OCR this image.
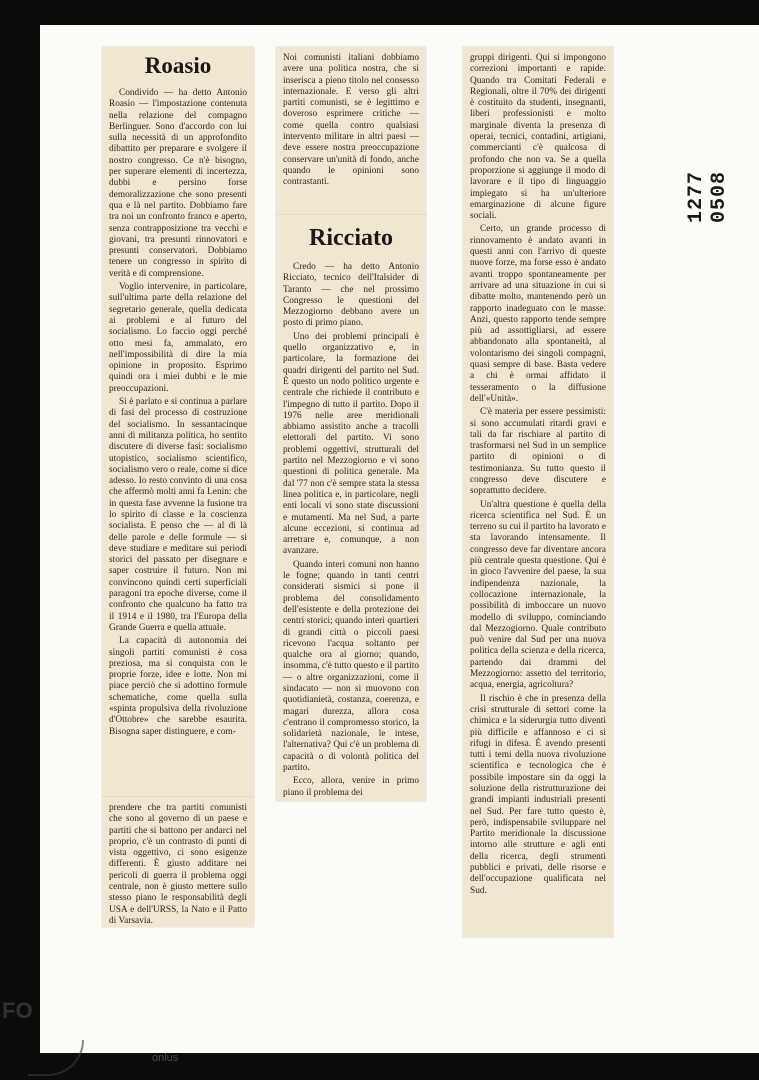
Roasio

Condivido — ha detto Antonio Roasio — l'impostazione contenuta nella relazione del compagno Berlinguer. Sono d'accordo con lui sulla necessità di un approfondito dibattito per preparare e svolgere il nostro congresso. Ce n'è bisogno, per superare elementi di incertezza, dubbi e persino forse demoralizzazione che sono presenti qua e là nel partito. Dobbiamo fare tra noi un confronto franco e aperto, senza contrapposizione tra vecchi e giovani, tra presunti rinnovatori e presunti conservatori. Dobbiamo tenere un congresso in spirito di verità e di comprensione.

Voglio intervenire, in particolare, sull'ultima parte della relazione del segretario generale, quella dedicata ai problemi e al futuro del socialismo. Lo faccio oggi perché otto mesi fa, ammalato, ero nell'impossibilità di dire la mia opinione in proposito. Esprimo quindi ora i miei dubbi e le mie preoccupazioni.

Si è parlato e si continua a parlare di fasi del processo di costruzione del socialismo. In sessantacinque anni di militanza politica, ho sentito discutere di diverse fasi: socialismo utopistico, socialismo scientifico, socialismo vero o reale, come si dice adesso. Io resto convinto di una cosa che affermò molti anni fa Lenin: che in questa fase avvenne la fusione tra lo spirito di classe e la coscienza socialista. E penso che — al di là delle parole e delle formule — si deve studiare e meditare sui periodi storici del passato per disegnare e saper costruire il futuro. Non mi convincono quindi certi superficiali paragoni tra epoche diverse, come il confronto che qualcuno ha fatto tra il 1914 e il 1980, tra l'Europa della Grande Guerra e quella attuale.

La capacità di autonomia dei singoli partiti comunisti è cosa preziosa, ma si conquista con le proprie forze, idee e lotte. Non mi piace perciò che si adottino formule schematiche, come quella sulla «spinta propulsiva della rivoluzione d'Ottobre» che sarebbe esaurita. Bisogna saper distinguere, e com-

prendere che tra partiti comunisti che sono al governo di un paese e partiti che si battono per andarci nel proprio, c'è un contrasto di punti di vista oggettivo, ci sono esigenze differenti. È giusto additare nei pericoli di guerra il problema oggi centrale, non è giusto mettere sullo stesso piano le responsabilità degli USA e dell'URSS, la Nato e il Patto di Varsavia.

Noi comunisti italiani dobbiamo avere una politica nostra, che si inserisca a pieno titolo nel consesso internazionale. E verso gli altri partiti comunisti, se è legittimo e doveroso esprimere critiche — come quella contro qualsiasi intervento militare in altri paesi — deve essere nostra preoccupazione conservare un'unità di fondo, anche quando le opinioni sono contrastanti.

Ricciato

Credo — ha detto Antonio Ricciato, tecnico dell'Italsider di Taranto — che nel prossimo Congresso le questioni del Mezzogiorno debbano avere un posto di primo piano.

Uno dei problemi principali è quello organizzativo e, in particolare, la formazione dei quadri dirigenti del partito nel Sud. È questo un nodo politico urgente e centrale che richiede il contributo e l'impegno di tutto il partito. Dopo il 1976 nelle aree meridionali abbiamo assistito anche a tracolli elettorali del partito. Vi sono problemi oggettivi, strutturali del partito nel Mezzogiorno e vi sono questioni di politica generale. Ma dal '77 non c'è sempre stata la stessa linea politica e, in particolare, negli enti locali vi sono state discussioni e mutamenti. Ma nel Sud, a parte alcune eccezioni, si continua ad arretrare e, comunque, a non avanzare.

Quando interi comuni non hanno le fogne; quando in tanti centri considerati sismici si pone il problema del consolidamento dell'esistente e della protezione dei centri storici; quando interi quartieri di grandi città o piccoli paesi ricevono l'acqua soltanto per qualche ora al giorno; quando, insomma, c'è tutto questo e il partito — o altre organizzazioni, come il sindacato — non si muovono con quotidianietà, costanza, coerenza, e magari durezza, allora cosa c'entrano il compromesso storico, la solidarietà nazionale, le intese, l'alternativa? Qui c'è un problema di capacità o di volontà politica del partito.

Ecco, allora, venire in primo piano il problema dei

gruppi dirigenti. Qui si impongono correzioni importanti e rapide. Quando tra Comitati Federali e Regionali, oltre il 70% dei dirigenti è costituito da studenti, insegnanti, liberi professionisti e molto marginale diventa la presenza di operai, tecnici, contadini, artigiani, commercianti c'è qualcosa di profondo che non va. Se a quella proporzione si aggiunge il modo di lavorare e il tipo di linguaggio impiegato si ha un'ulteriore emarginazione di alcune figure sociali.

Certo, un grande processo di rinnovamento è andato avanti in questi anni con l'arrivo di queste nuove forze, ma forse esso è andato avanti troppo spontaneamente per arrivare ad una situazione in cui si dibatte molto, mantenendo però un rapporto inadeguato con le masse. Anzi, questo rapporto tende sempre più ad assottigliarsi, ad essere abbandonato alla spontaneità, al volontarismo dei singoli compagni, quasi sempre di base. Basta vedere a chi è ormai affidato il tesseramento o la diffusione dell'«Unità».

C'è materia per essere pessimisti: si sono accumulati ritardi gravi e tali da far rischiare al partito di trasformarsi nel Sud in un semplice partito di opinioni o di testimonianza. Su tutto questo il congresso deve discutere e soprattutto decidere.

Un'altra questione è quella della ricerca scientifica nel Sud. È un terreno su cui il partito ha lavorato e sta lavorando intensamente. Il congresso deve far diventare ancora più centrale questa questione. Qui è in gioco l'avvenire del paese, la sua indipendenza nazionale, la collocazione internazionale, la possibilità di imboccare un nuovo modello di sviluppo, cominciando dal Mezzogiorno. Quale contributo può venire dal Sud per una nuova politica della scienza e della ricerca, partendo dai drammi del Mezzogiorno: assetto del territorio, acqua, energia, agricoltura?

Il rischio è che in presenza della crisi strutturale di settori come la chimica e la siderurgia tutto diventi più difficile e affannoso e ci si rifugi in difesa. È avendo presenti tutti i temi della nuova rivoluzione scientifica e tecnologica che è possibile impostare sin da oggi la soluzione della ristrutturazione dei grandi impianti industriali presenti nel Sud. Per fare tutto questo è, però, indispensabile sviluppare nel Partito meridionale la discussione intorno alle strutture e agli enti della ricerca, degli strumenti pubblici e privati, delle risorse e dell'occupazione qualificata nel Sud.

1277 0508
FO
onlus
